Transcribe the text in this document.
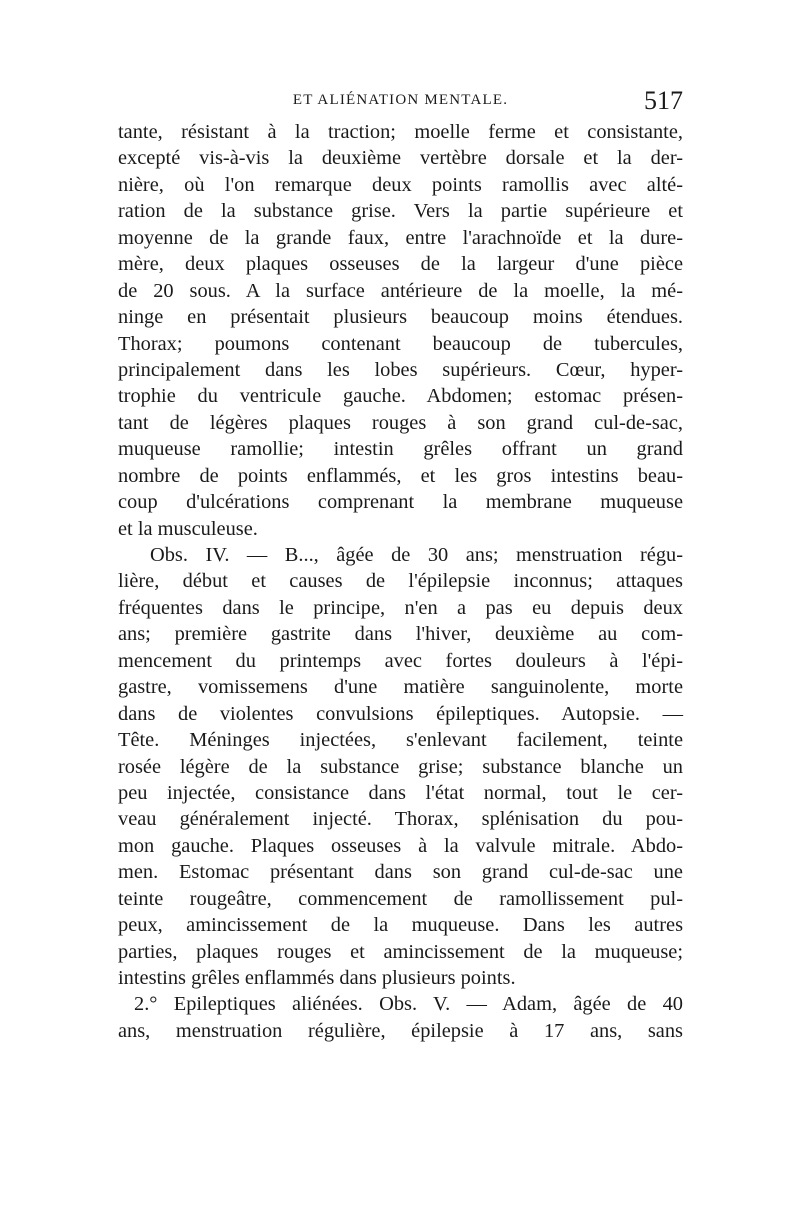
ET ALIÉNATION MENTALE.	517
tante, résistant à la traction; moelle ferme et consistante,
excepté vis-à-vis la deuxième vertèbre dorsale et la der-
nière, où l'on remarque deux points ramollis avec alté-
ration de la substance grise. Vers la partie supérieure et
moyenne de la grande faux, entre l'arachnoïde et la dure-
mère, deux plaques osseuses de la largeur d'une pièce
de 20 sous. A la surface antérieure de la moelle, la mé-
ninge en présentait plusieurs beaucoup moins étendues.
Thorax; poumons contenant beaucoup de tubercules,
principalement dans les lobes supérieurs. Cœur, hyper-
trophie du ventricule gauche. Abdomen; estomac présen-
tant de légères plaques rouges à son grand cul-de-sac,
muqueuse ramollie; intestin grêles offrant un grand
nombre de points enflammés, et les gros intestins beau-
coup d'ulcérations comprenant la membrane muqueuse
et la musculeuse.
Obs. IV. — B..., âgée de 30 ans; menstruation régu-
lière, début et causes de l'épilepsie inconnus; attaques
fréquentes dans le principe, n'en a pas eu depuis deux
ans; première gastrite dans l'hiver, deuxième au com-
mencement du printemps avec fortes douleurs à l'épi-
gastre, vomissemens d'une matière sanguinolente, morte
dans de violentes convulsions épileptiques. Autopsie. —
Tête. Méninges injectées, s'enlevant facilement, teinte
rosée légère de la substance grise; substance blanche un
peu injectée, consistance dans l'état normal, tout le cer-
veau généralement injecté. Thorax, splénisation du pou-
mon gauche. Plaques osseuses à la valvule mitrale. Abdo-
men. Estomac présentant dans son grand cul-de-sac une
teinte rougeâtre, commencement de ramollissement pul-
peux, amincissement de la muqueuse. Dans les autres
parties, plaques rouges et amincissement de la muqueuse;
intestins grêles enflammés dans plusieurs points.
2.° Epileptiques aliénées. Obs. V. — Adam, âgée de 40
ans, menstruation régulière, épilepsie à 17 ans, sans
